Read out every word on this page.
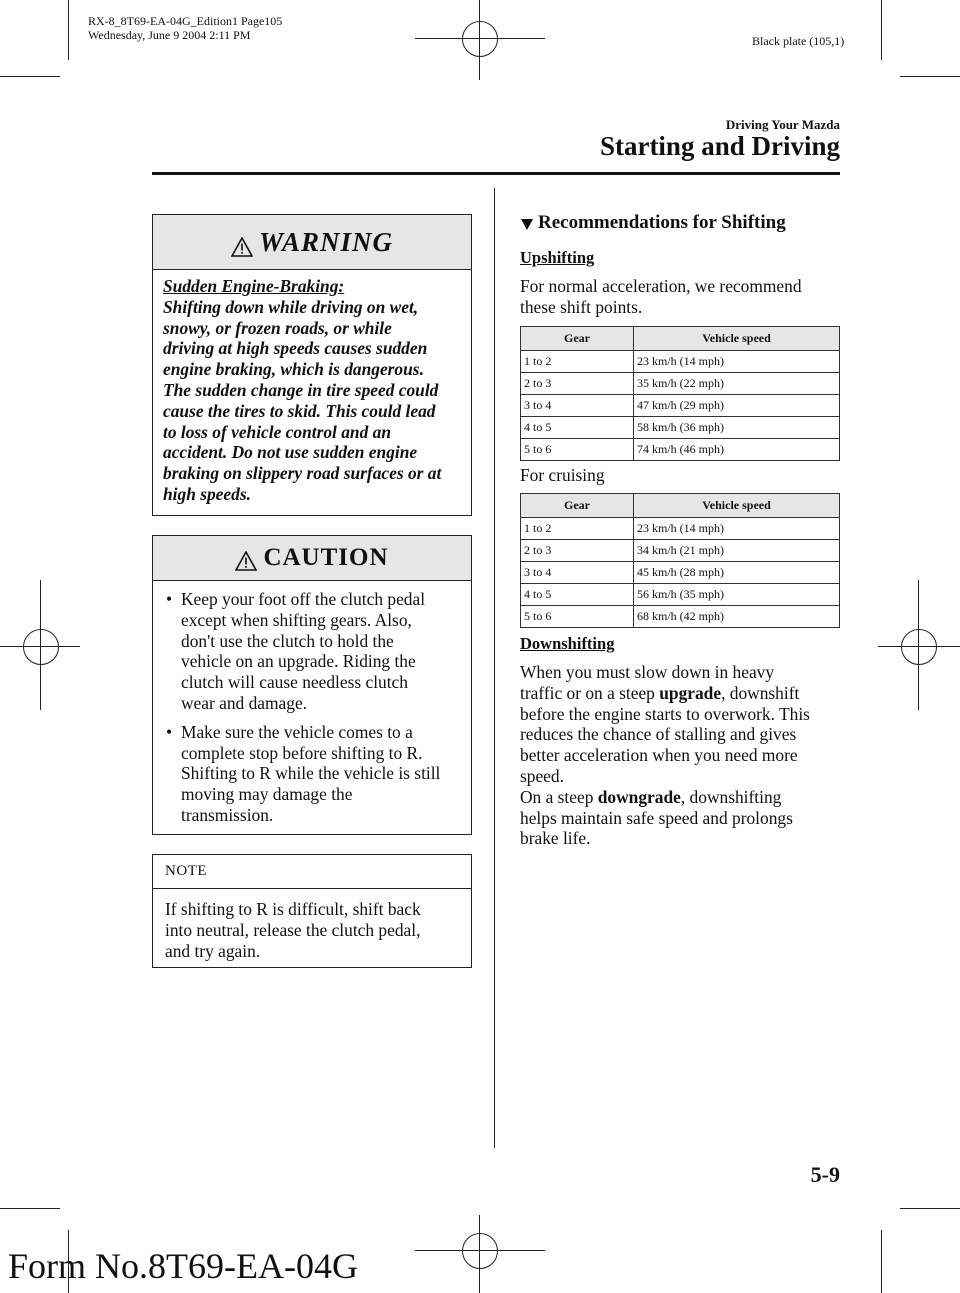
RX-8_8T69-EA-04G_Edition1 Page105
Wednesday, June 9 2004 2:11 PM	Black plate (105,1)
Driving Your Mazda
Starting and Driving
WARNING
Sudden Engine-Braking:
Shifting down while driving on wet,
snowy, or frozen roads, or while
driving at high speeds causes sudden
engine braking, which is dangerous.
The sudden change in tire speed could
cause the tires to skid. This could lead
to loss of vehicle control and an
accident. Do not use sudden engine
braking on slippery road surfaces or at
high speeds.
CAUTION
• Keep your foot off the clutch pedal
except when shifting gears. Also,
don't use the clutch to hold the
vehicle on an upgrade. Riding the
clutch will cause needless clutch
wear and damage.
• Make sure the vehicle comes to a
complete stop before shifting to R.
Shifting to R while the vehicle is still
moving may damage the
transmission.
NOTE
If shifting to R is difficult, shift back
into neutral, release the clutch pedal,
and try again.
Recommendations for Shifting
Upshifting
For normal acceleration, we recommend
these shift points.
Gear	Vehicle speed
1 to 2	23 km/h (14 mph)
2 to 3	35 km/h (22 mph)
3 to 4	47 km/h (29 mph)
4 to 5	58 km/h (36 mph)
5 to 6	74 km/h (46 mph)
For cruising
Gear	Vehicle speed
1 to 2	23 km/h (14 mph)
2 to 3	34 km/h (21 mph)
3 to 4	45 km/h (28 mph)
4 to 5	56 km/h (35 mph)
5 to 6	68 km/h (42 mph)
Downshifting
When you must slow down in heavy
traffic or on a steep upgrade, downshift
before the engine starts to overwork. This
reduces the chance of stalling and gives
better acceleration when you need more
speed.
On a steep downgrade, downshifting
helps maintain safe speed and prolongs
brake life.
5-9
Form No.8T69-EA-04G
